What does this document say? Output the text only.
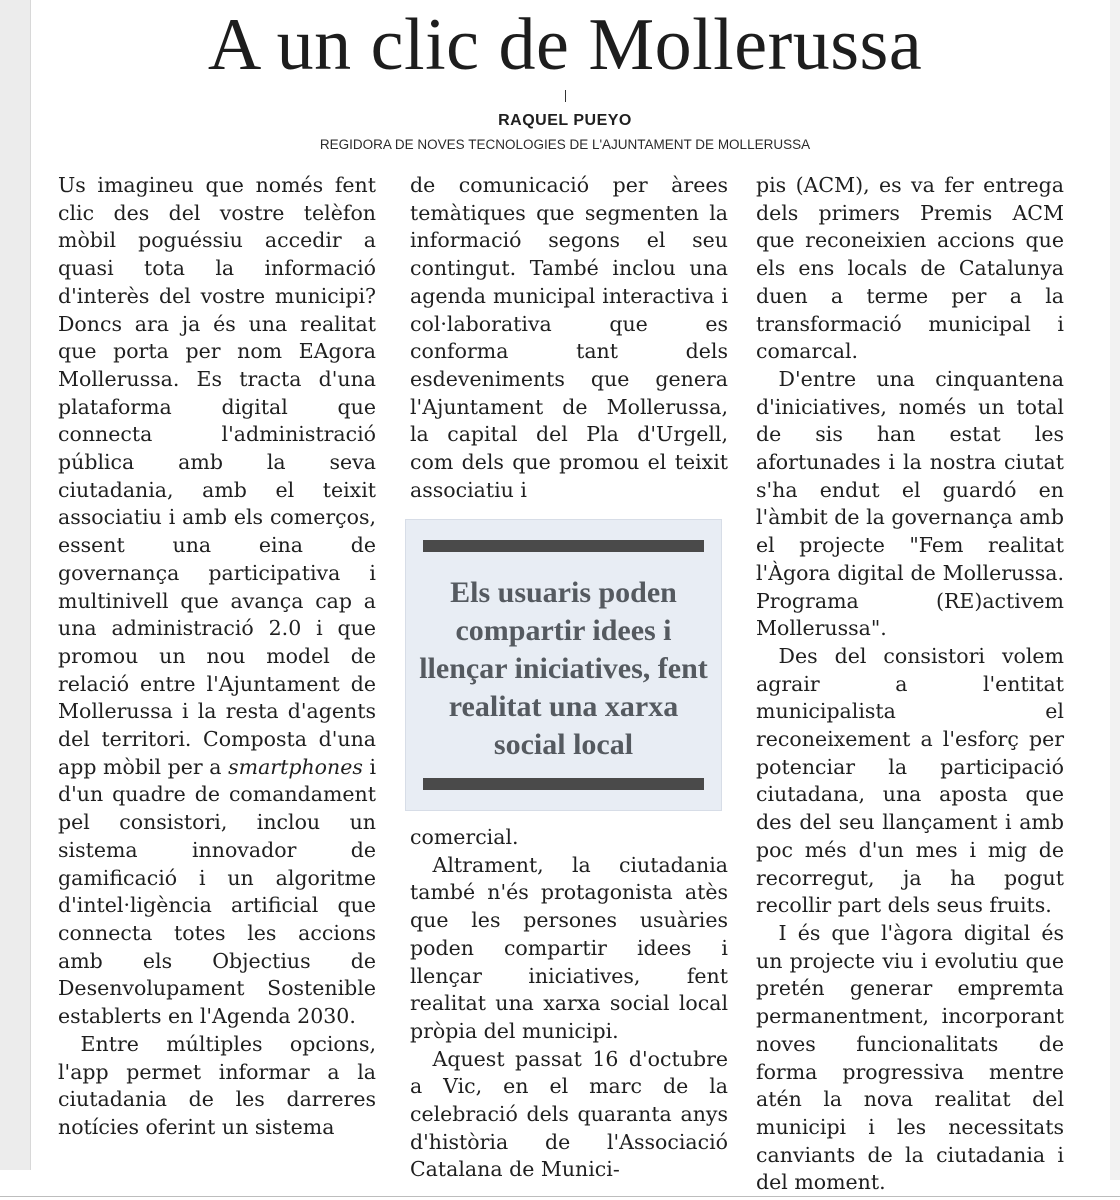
A un clic de Mollerussa
RAQUEL PUEYO
REGIDORA DE NOVES TECNOLOGIES DE L'AJUNTAMENT DE MOLLERUSSA

Us imagineu que només fent clic des del vostre telèfon mòbil poguéssiu accedir a quasi tota la informació d'interès del vostre municipi? Doncs ara ja és una realitat que porta per nom EAgora Mollerussa. Es tracta d'una plataforma digital que connecta l'administració pública amb la seva ciutadania, amb el teixit associatiu i amb els comerços, essent una eina de governança participativa i multinivell que avança cap a una administració 2.0 i que promou un nou model de relació entre l'Ajuntament de Mollerussa i la resta d'agents del territori. Composta d'una app mòbil per a smartphones i d'un quadre de comandament pel consistori, inclou un sistema innovador de gamificació i un algoritme d'intel·ligència artificial que connecta totes les accions amb els Objectius de Desenvolupament Sostenible establerts en l'Agenda 2030.

Entre múltiples opcions, l'app permet informar a la ciutadania de les darreres notícies oferint un sistema

de comunicació per àrees temàtiques que segmenten la informació segons el seu contingut. També inclou una agenda municipal interactiva i col·laborativa que es conforma tant dels esdeveniments que genera l'Ajuntament de Mollerussa, la capital del Pla d'Urgell, com dels que promou el teixit associatiu i

Els usuaris poden compartir idees i llençar iniciatives, fent realitat una xarxa social local

comercial.

Altrament, la ciutadania també n'és protagonista atès que les persones usuàries poden compartir idees i llençar iniciatives, fent realitat una xarxa social local pròpia del municipi.

Aquest passat 16 d'octubre a Vic, en el marc de la celebració dels quaranta anys d'història de l'Associació Catalana de Munici-

pis (ACM), es va fer entrega dels primers Premis ACM que reconeixien accions que els ens locals de Catalunya duen a terme per a la transformació municipal i comarcal.

D'entre una cinquantena d'iniciatives, només un total de sis han estat les afortunades i la nostra ciutat s'ha endut el guardó en l'àmbit de la governança amb el projecte "Fem realitat l'Àgora digital de Mollerussa. Programa (RE)activem Mollerussa".

Des del consistori volem agrair a l'entitat municipalista el reconeixement a l'esforç per potenciar la participació ciutadana, una aposta que des del seu llançament i amb poc més d'un mes i mig de recorregut, ja ha pogut recollir part dels seus fruits.

I és que l'àgora digital és un projecte viu i evolutiu que pretén generar empremta permanentment, incorporant noves funcionalitats de forma progressiva mentre atén la nova realitat del municipi i les necessitats canviants de la ciutadania i del moment.
